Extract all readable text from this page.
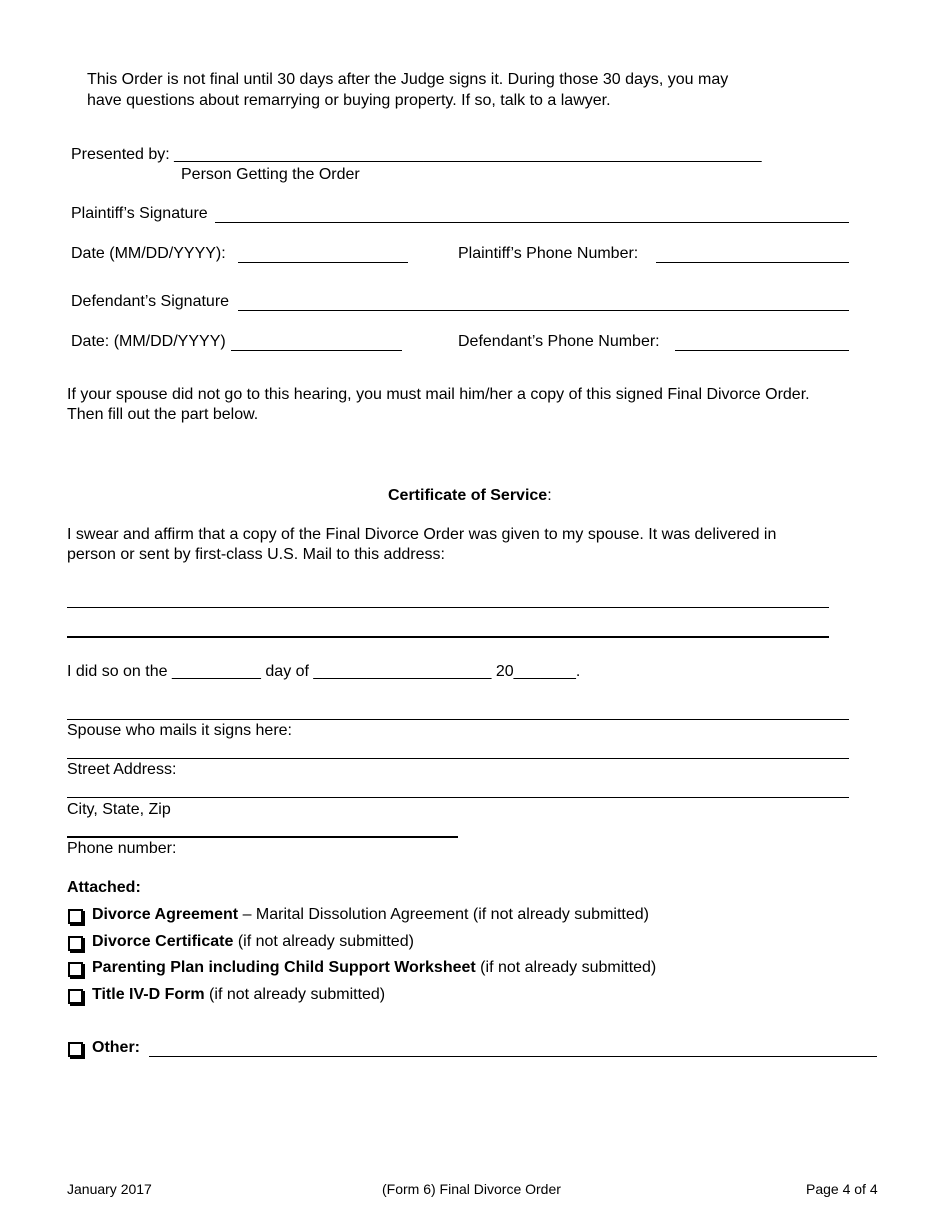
This Order is not final until 30 days after the Judge signs it. During those 30 days, you may
have questions about remarrying or buying property. If so, talk to a lawyer.
Presented by: __________________________________________________________________
Person Getting the Order
Plaintiff’s Signature
Date (MM/DD/YYYY):	Plaintiff’s Phone Number:
Defendant’s Signature
Date: (MM/DD/YYYY)	Defendant’s Phone Number:
If your spouse did not go to this hearing, you must mail him/her a copy of this signed Final Divorce Order.
Then fill out the part below.
Certificate of Service:
I swear and affirm that a copy of the Final Divorce Order was given to my spouse. It was delivered in
person or sent by first-class U.S. Mail to this address:
I did so on the __________ day of ____________________ 20_______.
Spouse who mails it signs here:
Street Address:
City, State, Zip
Phone number:
Attached:
Divorce Agreement – Marital Dissolution Agreement (if not already submitted)
Divorce Certificate (if not already submitted)
Parenting Plan including Child Support Worksheet (if not already submitted)
Title IV-D Form (if not already submitted)
Other:
January 2017	(Form 6) Final Divorce Order	Page 4 of 4
